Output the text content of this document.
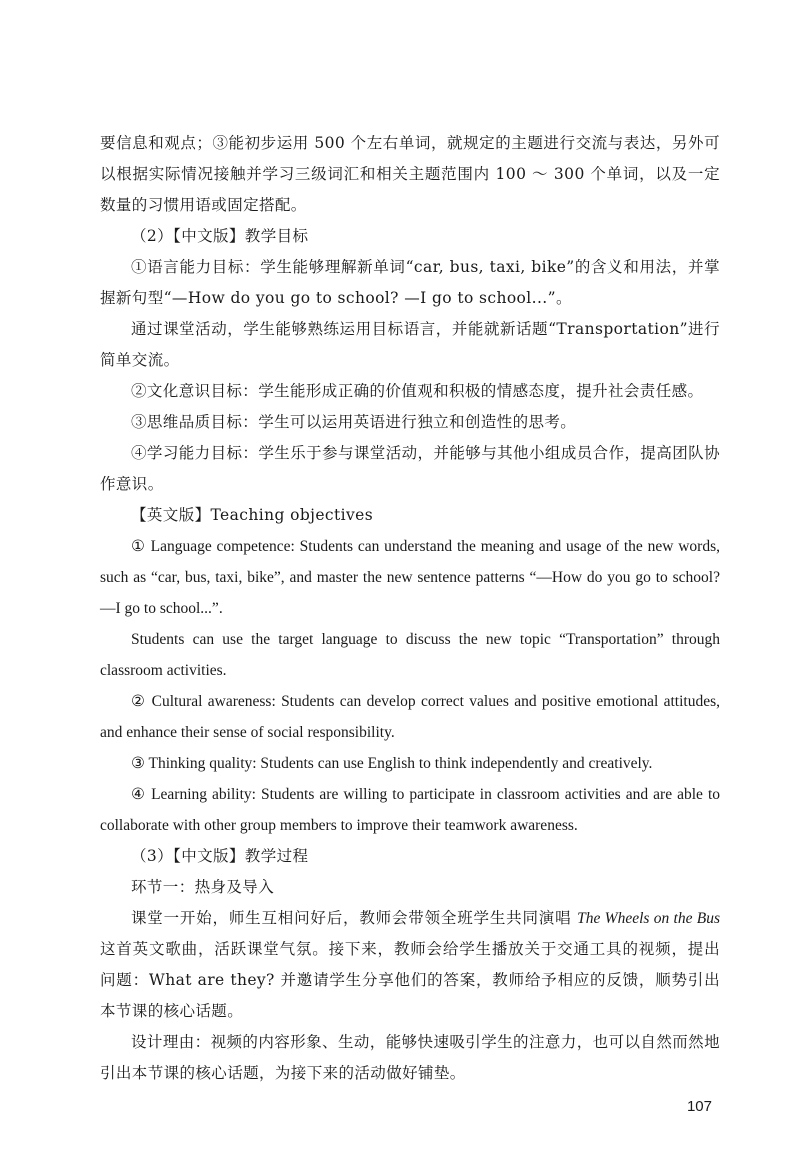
要信息和观点；③能初步运用 500 个左右单词，就规定的主题进行交流与表达，另外可以根据实际情况接触并学习三级词汇和相关主题范围内 100 ～ 300 个单词，以及一定数量的习惯用语或固定搭配。

（2）【中文版】教学目标

①语言能力目标：学生能够理解新单词“car, bus, taxi, bike”的含义和用法，并掌握新句型“—How do you go to school? —I go to school...”。

通过课堂活动，学生能够熟练运用目标语言，并能就新话题“Transportation”进行简单交流。

②文化意识目标：学生能形成正确的价值观和积极的情感态度，提升社会责任感。

③思维品质目标：学生可以运用英语进行独立和创造性的思考。

④学习能力目标：学生乐于参与课堂活动，并能够与其他小组成员合作，提高团队协作意识。

【英文版】Teaching objectives

① Language competence: Students can understand the meaning and usage of the new words, such as “car, bus, taxi, bike”, and master the new sentence patterns “—How do you go to school? —I go to school...”.

Students can use the target language to discuss the new topic “Transportation” through classroom activities.

② Cultural awareness: Students can develop correct values and positive emotional attitudes, and enhance their sense of social responsibility.

③ Thinking quality: Students can use English to think independently and creatively.

④ Learning ability: Students are willing to participate in classroom activities and are able to collaborate with other group members to improve their teamwork awareness.

（3）【中文版】教学过程

环节一：热身及导入

课堂一开始，师生互相问好后，教师会带领全班学生共同演唱 The Wheels on the Bus 这首英文歌曲，活跃课堂气氛。接下来，教师会给学生播放关于交通工具的视频，提出问题：What are they? 并邀请学生分享他们的答案，教师给予相应的反馈，顺势引出本节课的核心话题。

设计理由：视频的内容形象、生动，能够快速吸引学生的注意力，也可以自然而然地引出本节课的核心话题，为接下来的活动做好铺垫。

107
